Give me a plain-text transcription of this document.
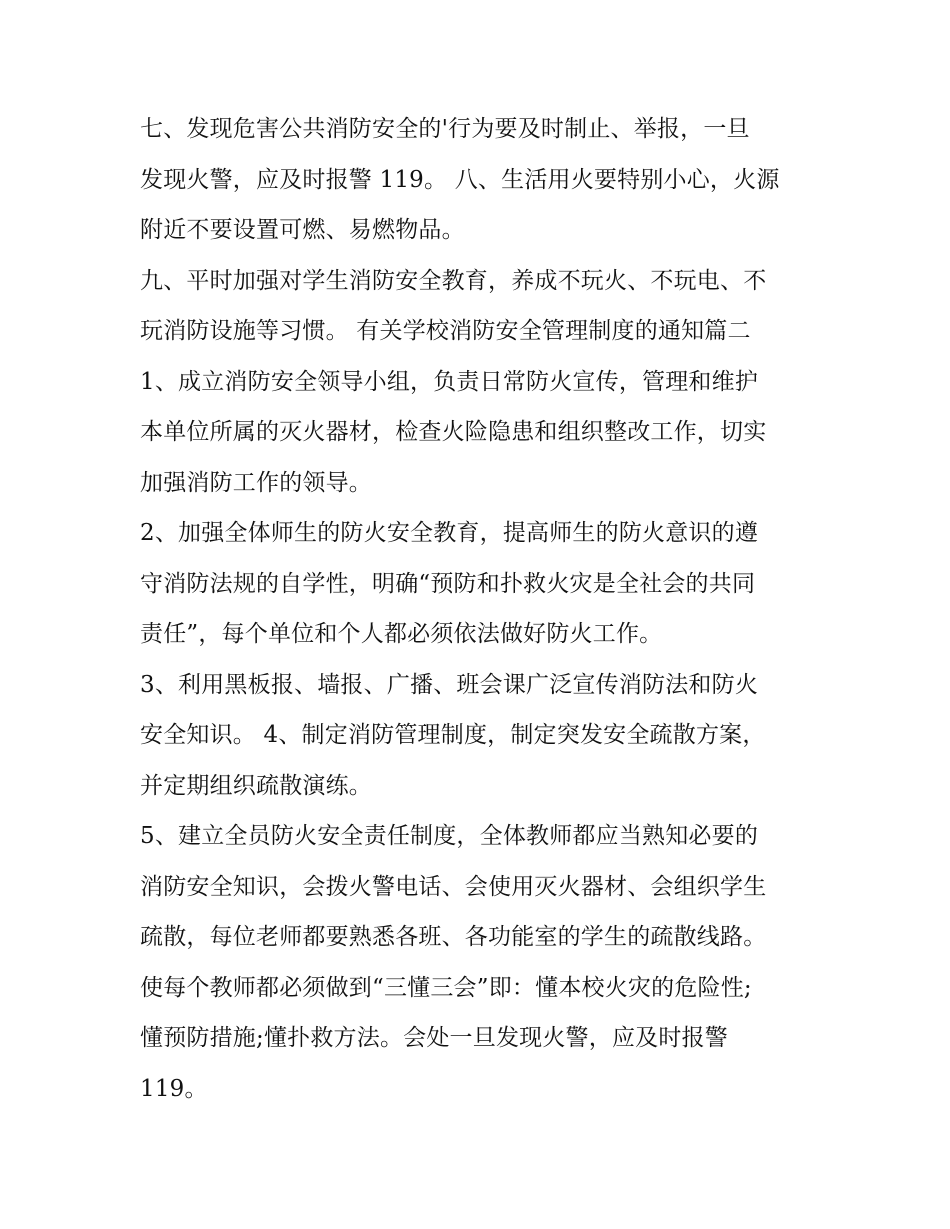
七、发现危害公共消防安全的'行为要及时制止、举报，一旦
发现火警，应及时报警 119。 八、生活用火要特别小心，火源
附近不要设置可燃、易燃物品。
九、平时加强对学生消防安全教育，养成不玩火、不玩电、不
玩消防设施等习惯。 有关学校消防安全管理制度的通知篇二
1、成立消防安全领导小组，负责日常防火宣传，管理和维护
本单位所属的灭火器材，检查火险隐患和组织整改工作，切实
加强消防工作的领导。
2、加强全体师生的防火安全教育，提高师生的防火意识的遵
守消防法规的自学性，明确“预防和扑救火灾是全社会的共同
责任”，每个单位和个人都必须依法做好防火工作。
3、利用黑板报、墙报、广播、班会课广泛宣传消防法和防火
安全知识。 4、制定消防管理制度，制定突发安全疏散方案，
并定期组织疏散演练。
5、建立全员防火安全责任制度，全体教师都应当熟知必要的
消防安全知识，会拨火警电话、会使用灭火器材、会组织学生
疏散，每位老师都要熟悉各班、各功能室的学生的疏散线路。
使每个教师都必须做到“三懂三会”即：懂本校火灾的危险性;
懂预防措施;懂扑救方法。会处一旦发现火警，应及时报警
119。
